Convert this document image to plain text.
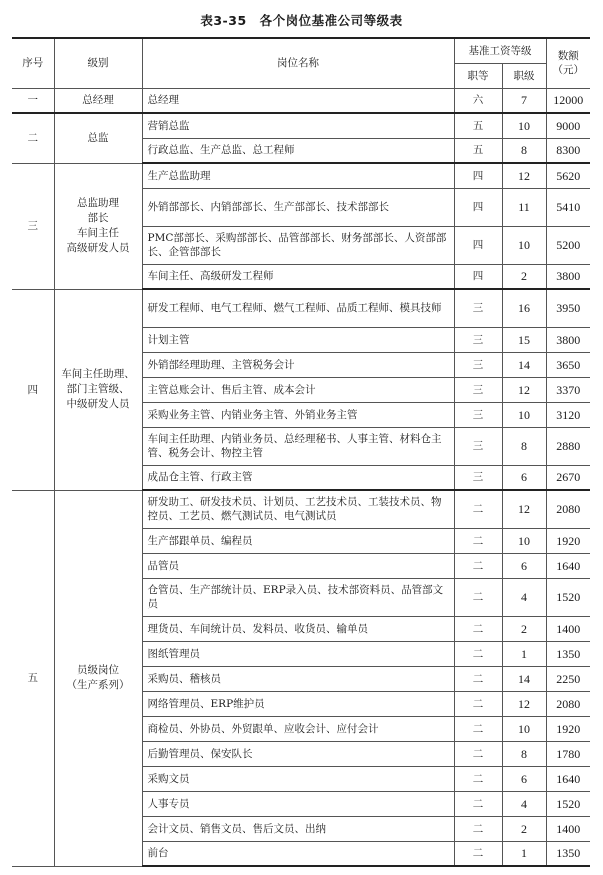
表3-35　各个岗位基准公司等级表
序号	级别	岗位名称	基准工资等级		数额（元）
			职等	职级	
一	总经理	总经理	六	7	12000
二	总监	营销总监	五	10	9000
		行政总监、生产总监、总工程师	五	8	8300
三	总监助理
部长
车间主任
高级研发人员	生产总监助理	四	12	5620
		外销部部长、内销部部长、生产部部长、技术部部长	四	11	5410
		PMC部部长、采购部部长、品管部部长、财务部部长、人资部部长、企管部部长	四	10	5200
		车间主任、高级研发工程师	四	2	3800
四	车间主任助理、
部门主管级、
中级研发人员	研发工程师、电气工程师、燃气工程师、品质工程师、模具技师	三	16	3950
		计划主管	三	15	3800
		外销部经理助理、主管税务会计	三	14	3650
		主管总账会计、售后主管、成本会计	三	12	3370
		采购业务主管、内销业务主管、外销业务主管	三	10	3120
		车间主任助理、内销业务员、总经理秘书、人事主管、材料仓主管、税务会计、物控主管	三	8	2880
		成品仓主管、行政主管	三	6	2670
五	员级岗位
（生产系列）	研发助工、研发技术员、计划员、工艺技术员、工装技术员、物控员、工艺员、燃气测试员、电气测试员	二	12	2080
		生产部跟单员、编程员	二	10	1920
		品管员	二	6	1640
		仓管员、生产部统计员、ERP录入员、技术部资料员、品管部文员	二	4	1520
		理货员、车间统计员、发料员、收货员、输单员	二	2	1400
		图纸管理员	二	1	1350
		采购员、稽核员	二	14	2250
		网络管理员、ERP维护员	二	12	2080
		商检员、外协员、外贸跟单、应收会计、应付会计	二	10	1920
		后勤管理员、保安队长	二	8	1780
		采购文员	二	6	1640
		人事专员	二	4	1520
		会计文员、销售文员、售后文员、出纳	二	2	1400
		前台	二	1	1350
